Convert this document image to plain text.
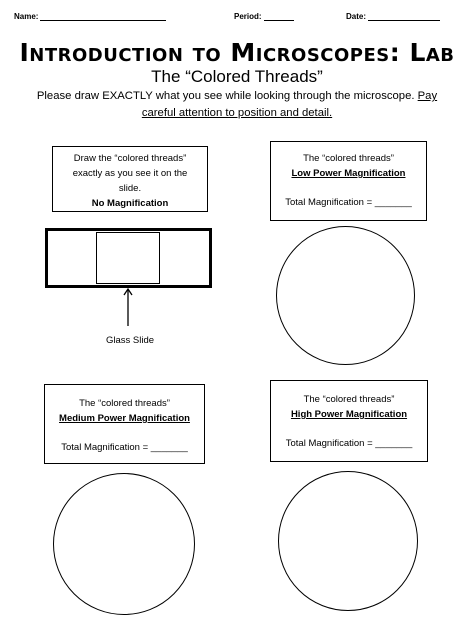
Name:	Period:	Date:
Introduction to Microscopes: Lab
The “Colored Threads”
Please draw EXACTLY what you see while looking through the microscope. Pay
careful attention to position and detail.
Draw the “colored threads”
exactly as you see it on the
slide.
No Magnification
The “colored threads”
Low Power Magnification
Total Magnification = _______
Glass Slide
The “colored threads”
Medium Power Magnification
Total Magnification = _______
The “colored threads”
High Power Magnification
Total Magnification = _______
